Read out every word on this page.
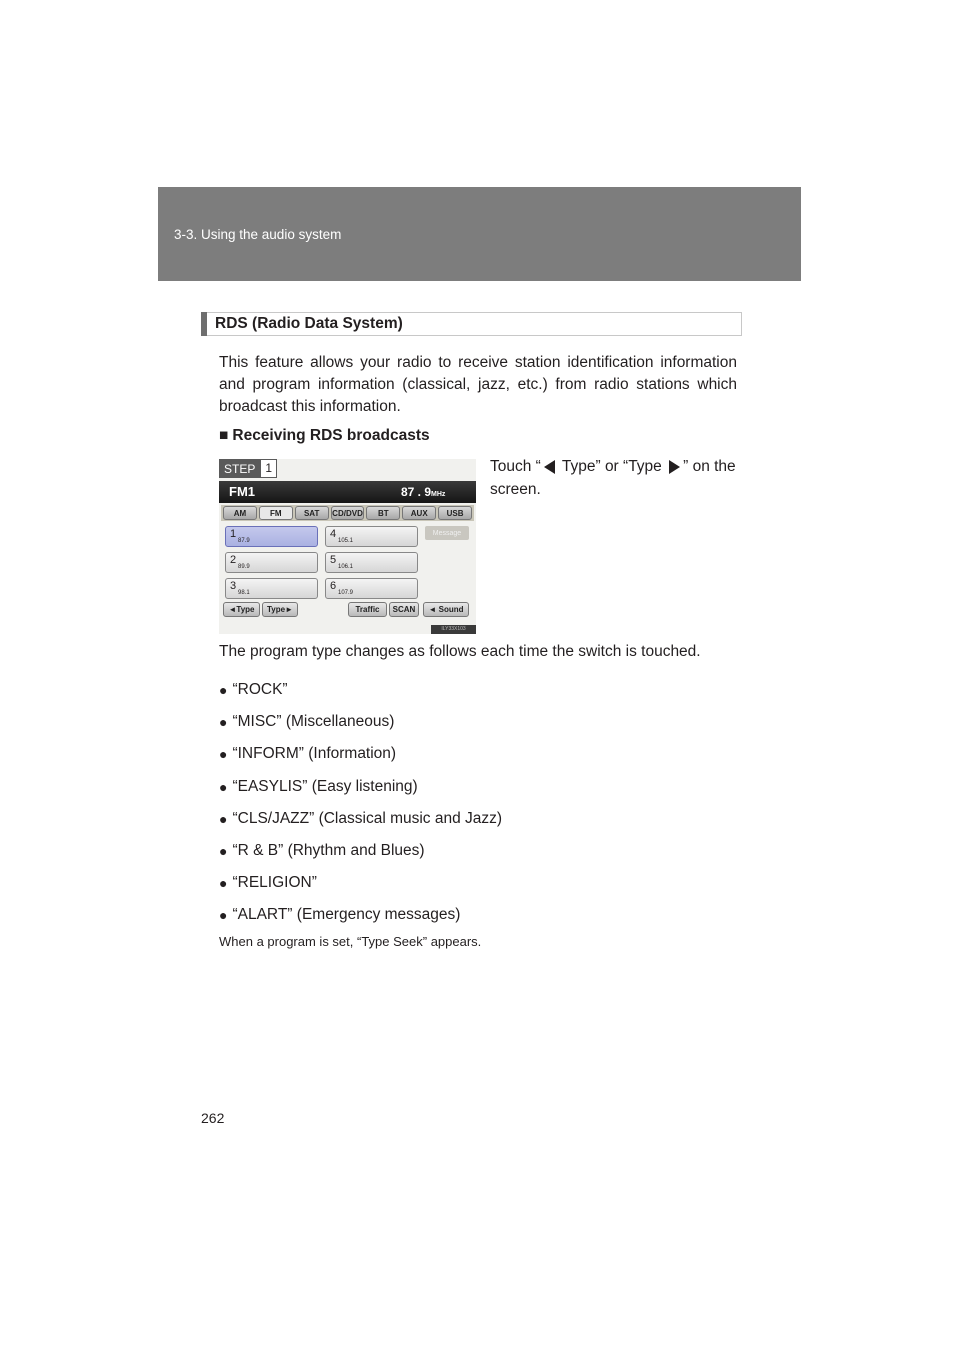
3-3. Using the audio system
RDS (Radio Data System)
This feature allows your radio to receive station identification information and program information (classical, jazz, etc.) from radio stations which broadcast this information.
■ Receiving RDS broadcasts
Touch “ Type” or “Type ” on the screen.
STEP 1
FM1	87 . 9MHz
AM	FM	SAT	CD/DVD	BT	AUX	USB
1
87.9
2
89.9
3
98.1
4
105.1
5
106.1
6
107.9
Message
◄Type	Type►	Traffic	SCAN	◄ Sound
ILY33X103
The program type changes as follows each time the switch is touched.
● “ROCK”
● “MISC” (Miscellaneous)
● “INFORM” (Information)
● “EASYLIS” (Easy listening)
● “CLS/JAZZ” (Classical music and Jazz)
● “R & B” (Rhythm and Blues)
● “RELIGION”
● “ALART” (Emergency messages)
When a program is set, “Type Seek” appears.
262
